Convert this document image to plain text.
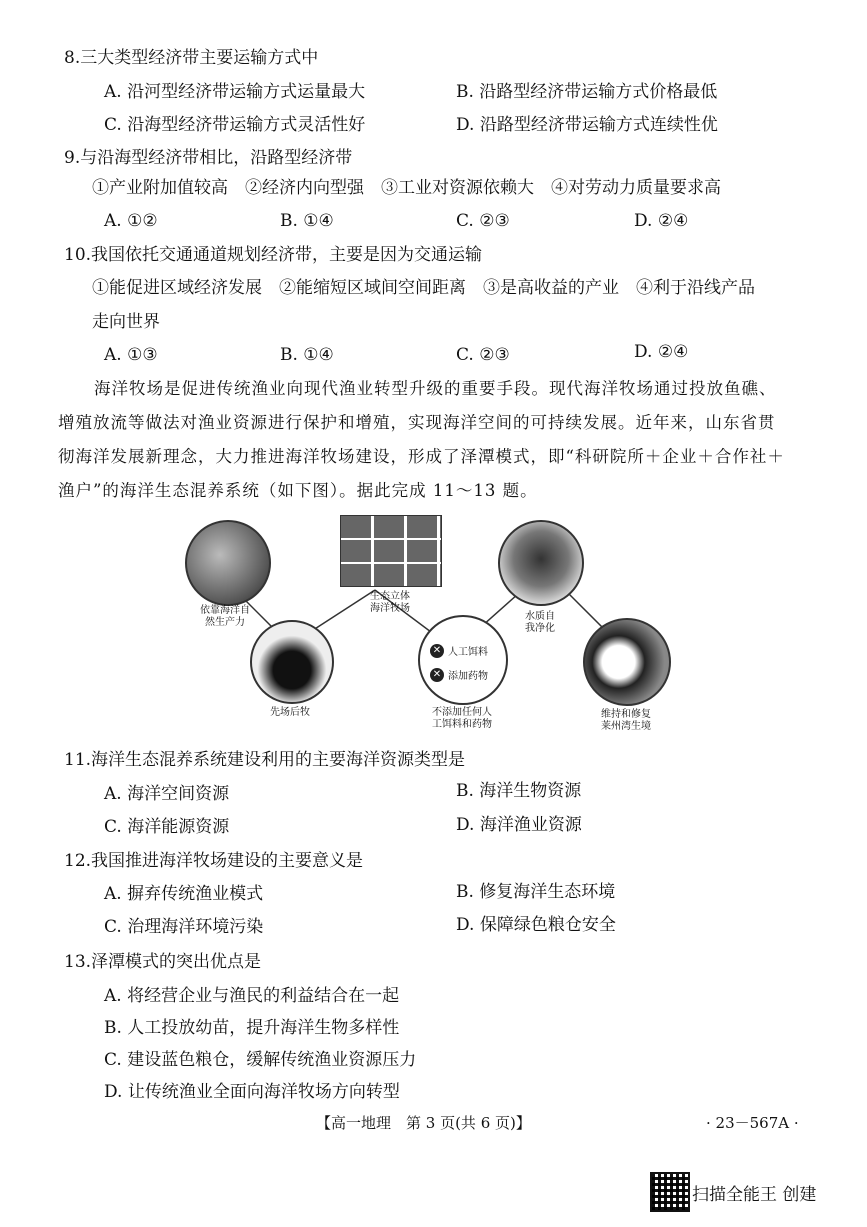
8.三大类型经济带主要运输方式中
A. 沿河型经济带运输方式运量最大	B. 沿路型经济带运输方式价格最低
C. 沿海型经济带运输方式灵活性好	D. 沿路型经济带运输方式连续性优
9.与沿海型经济带相比，沿路型经济带
①产业附加值较高　②经济内向型强　③工业对资源依赖大　④对劳动力质量要求高
A. ①②	B. ①④	C. ②③	D. ②④
10.我国依托交通通道规划经济带，主要是因为交通运输
①能促进区域经济发展　②能缩短区域间空间距离　③是高收益的产业　④利于沿线产品
走向世界
A. ①③	B. ①④	C. ②③	D. ②④
海洋牧场是促进传统渔业向现代渔业转型升级的重要手段。现代海洋牧场通过投放鱼礁、
增殖放流等做法对渔业资源进行保护和增殖，实现海洋空间的可持续发展。近年来，山东省贯
彻海洋发展新理念，大力推进海洋牧场建设，形成了泽潭模式，即“科研院所＋企业＋合作社＋
渔户”的海洋生态混养系统（如下图）。据此完成 11～13 题。
依靠海洋自
然生产力
生态立体
海洋牧场
水质自
我净化
先场后牧
✕ 人工饵料
✕ 添加药物
不添加任何人
工饵料和药物
维持和修复
莱州湾生境
11.海洋生态混养系统建设利用的主要海洋资源类型是
A. 海洋空间资源	B. 海洋生物资源
C. 海洋能源资源	D. 海洋渔业资源
12.我国推进海洋牧场建设的主要意义是
A. 摒弃传统渔业模式	B. 修复海洋生态环境
C. 治理海洋环境污染	D. 保障绿色粮仓安全
13.泽潭模式的突出优点是
A. 将经营企业与渔民的利益结合在一起
B. 人工投放幼苗，提升海洋生物多样性
C. 建设蓝色粮仓，缓解传统渔业资源压力
D. 让传统渔业全面向海洋牧场方向转型
【高一地理　第 3 页(共 6 页)】	· 23－567A ·
扫描全能王 创建
